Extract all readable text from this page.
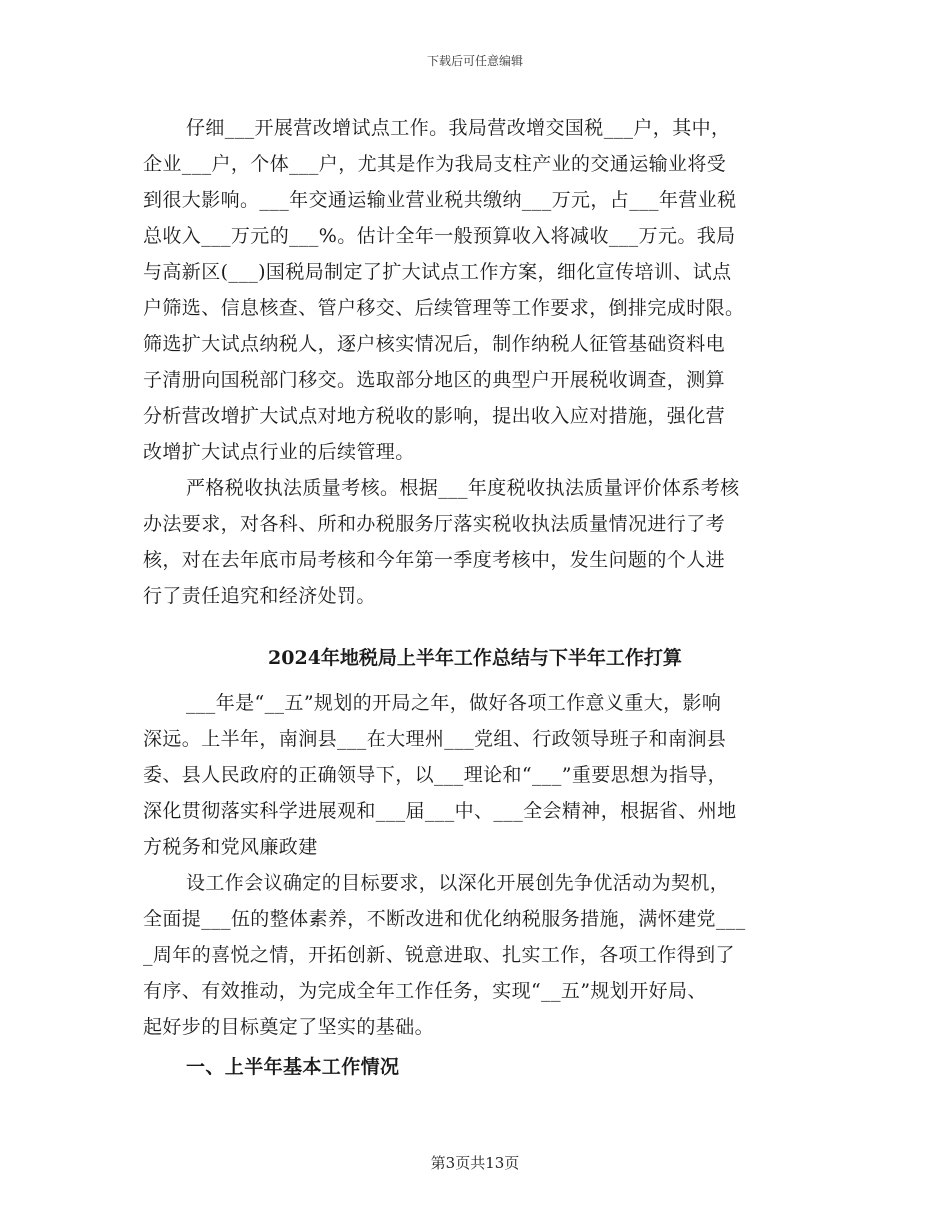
下载后可任意编辑
仔细___开展营改增试点工作。我局营改增交国税___户，其中，
企业___户，个体___户，尤其是作为我局支柱产业的交通运输业将受
到很大影响。___年交通运输业营业税共缴纳___万元，占___年营业税
总收入___万元的___%。估计全年一般预算收入将减收___万元。我局
与高新区(___)国税局制定了扩大试点工作方案，细化宣传培训、试点
户筛选、信息核查、管户移交、后续管理等工作要求，倒排完成时限。
筛选扩大试点纳税人，逐户核实情况后，制作纳税人征管基础资料电
子清册向国税部门移交。选取部分地区的典型户开展税收调查，测算
分析营改增扩大试点对地方税收的影响，提出收入应对措施，强化营
改增扩大试点行业的后续管理。
严格税收执法质量考核。根据___年度税收执法质量评价体系考核
办法要求，对各科、所和办税服务厅落实税收执法质量情况进行了考
核，对在去年底市局考核和今年第一季度考核中，发生问题的个人进
行了责任追究和经济处罚。
2024年地税局上半年工作总结与下半年工作打算
___年是“__五”规划的开局之年，做好各项工作意义重大，影响
深远。上半年，南涧县___在大理州___党组、行政领导班子和南涧县
委、县人民政府的正确领导下，以___理论和“___”重要思想为指导，
深化贯彻落实科学进展观和___届___中、___全会精神，根据省、州地
方税务和党风廉政建
设工作会议确定的目标要求，以深化开展创先争优活动为契机，
全面提___伍的整体素养，不断改进和优化纳税服务措施，满怀建党___
_周年的喜悦之情，开拓创新、锐意进取、扎实工作，各项工作得到了
有序、有效推动，为完成全年工作任务，实现“__五”规划开好局、
起好步的目标奠定了坚实的基础。
一、上半年基本工作情况
第3页共13页
